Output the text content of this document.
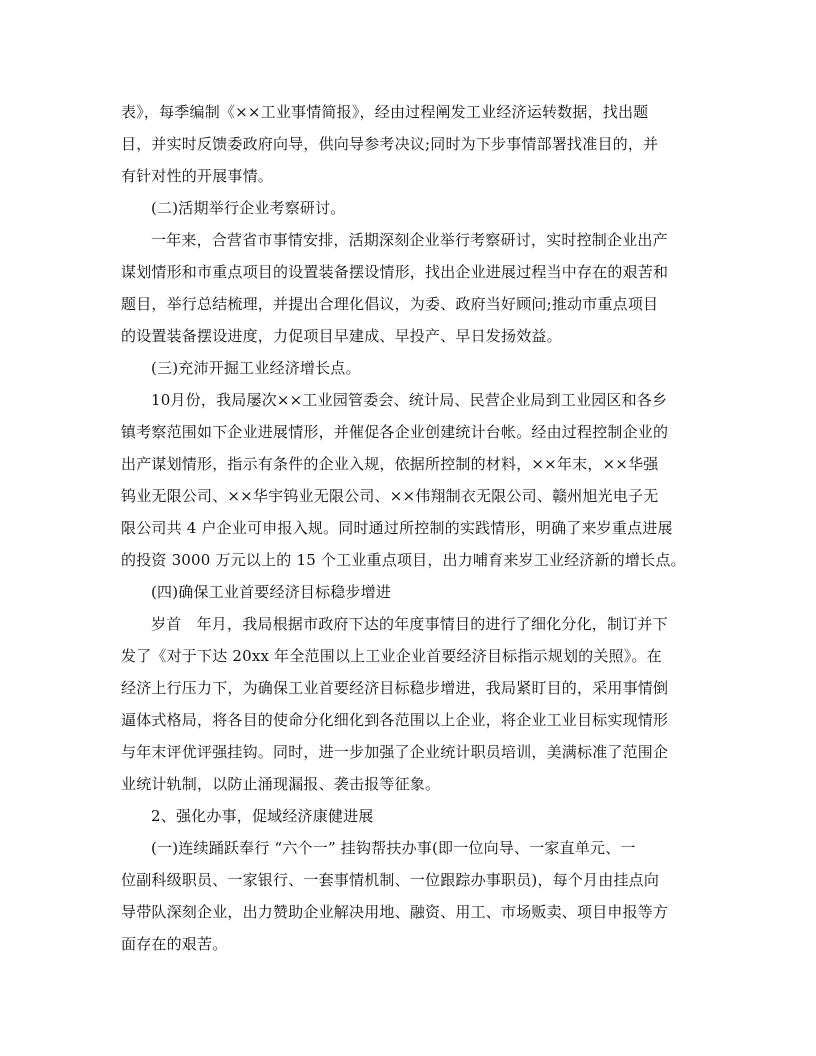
表》，每季编制《××工业事情简报》，经由过程阐发工业经济运转数据，找出题
目，并实时反馈委政府向导，供向导参考决议;同时为下步事情部署找准目的，并
有针对性的开展事情。
(二)活期举行企业考察研讨。
一年来，合营省市事情安排，活期深刻企业举行考察研讨，实时控制企业出产
谋划情形和市重点项目的设置装备摆设情形，找出企业进展过程当中存在的艰苦和
题目，举行总结梳理，并提出合理化倡议，为委、政府当好顾问;推动市重点项目
的设置装备摆设进度，力促项目早建成、早投产、早日发扬效益。
(三)充沛开掘工业经济增长点。
10月份，我局屡次××工业园管委会、统计局、民营企业局到工业园区和各乡
镇考察范围如下企业进展情形，并催促各企业创建统计台帐。经由过程控制企业的
出产谋划情形，指示有条件的企业入规，依据所控制的材料，××年末，××华强
钨业无限公司、××华宇钨业无限公司、××伟翔制衣无限公司、赣州旭光电子无
限公司共 4 户企业可申报入规。同时通过所控制的实践情形，明确了来岁重点进展
的投资 3000 万元以上的 15 个工业重点项目，出力哺育来岁工业经济新的增长点。
(四)确保工业首要经济目标稳步增进
岁首　年月，我局根据市政府下达的年度事情目的进行了细化分化，制订并下
发了《对于下达 20xx 年全范围以上工业企业首要经济目标指示规划的关照》。在
经济上行压力下，为确保工业首要经济目标稳步增进，我局紧盯目的，采用事情倒
逼体式格局，将各目的使命分化细化到各范围以上企业，将企业工业目标实现情形
与年末评优评强挂钩。同时，进一步加强了企业统计职员培训，美满标准了范围企
业统计轨制，以防止涌现漏报、袭击报等征象。
2、强化办事，促域经济康健进展
(一)连续踊跃奉行 “六个一” 挂钩帮扶办事(即一位向导、一家直单元、一
位副科级职员、一家银行、一套事情机制、一位跟踪办事职员)，每个月由挂点向
导带队深刻企业，出力赞助企业解决用地、融资、用工、市场贩卖、项目申报等方
面存在的艰苦。
